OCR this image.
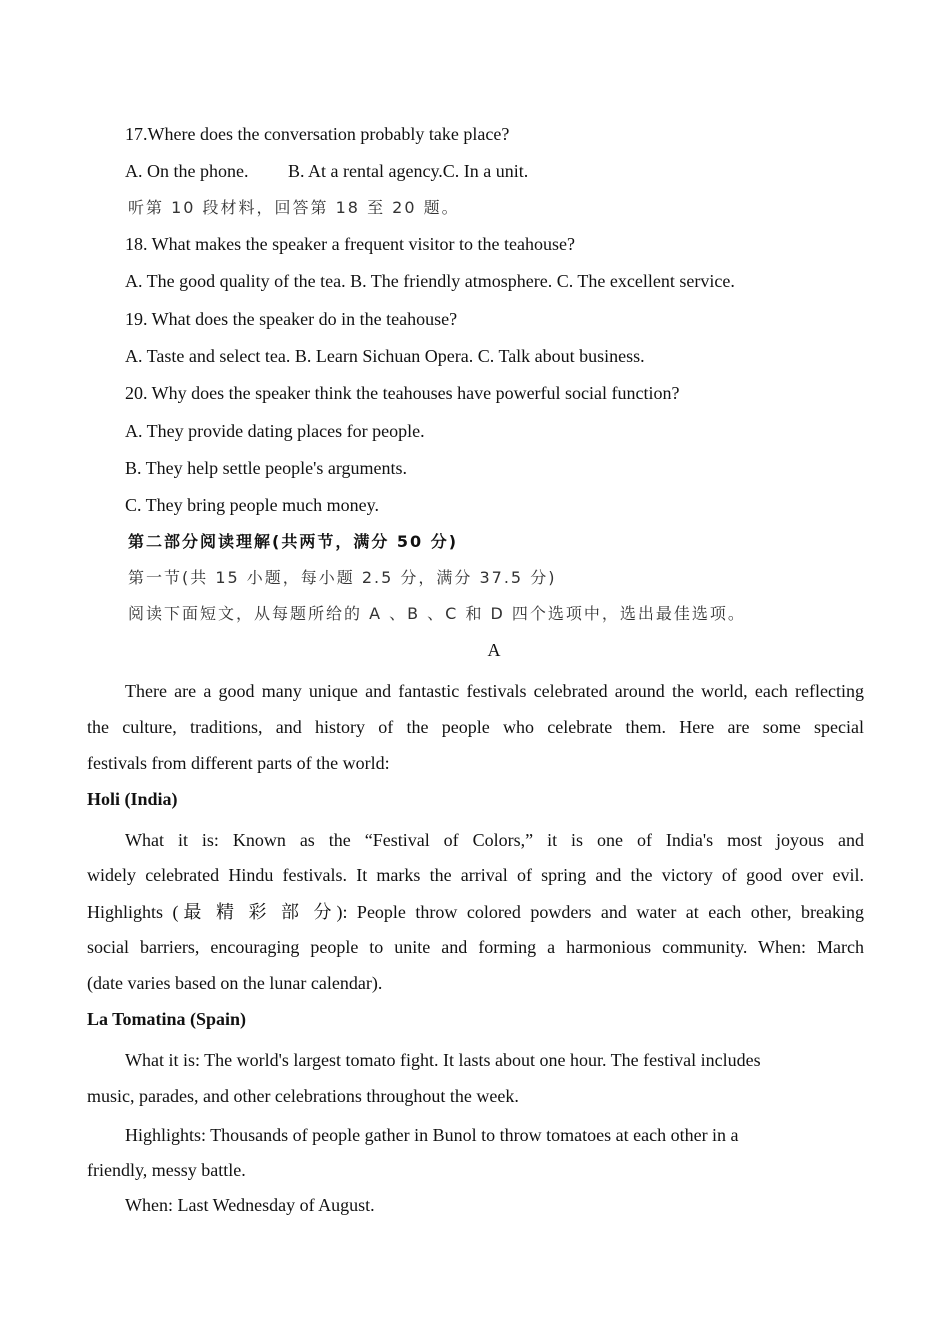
17.Where does the conversation probably take place?
A. On the phone.	B. At a rental agency.C. In a unit.
听第 10 段材料，回答第 18 至 20 题。
18. What makes the speaker a frequent visitor to the teahouse?
A. The good quality of the tea. B. The friendly atmosphere. C. The excellent service.
19. What does the speaker do in the teahouse?
A. Taste and select tea. B. Learn Sichuan Opera. C. Talk about business.
20. Why does the speaker think the teahouses have powerful social function?
A. They provide dating places for people.
B. They help settle people's arguments.
C. They bring people much money.
第二部分阅读理解(共两节，满分 50 分)
第一节(共 15 小题，每小题 2.5 分，满分 37.5 分)
阅读下面短文，从每题所给的 A 、B 、C 和 D 四个选项中，选出最佳选项。
A
There are a good many unique and fantastic festivals celebrated around the world, each reflecting
the culture, traditions, and history of the people who celebrate them. Here are some special
festivals from different parts of the world:
Holi (India)
What it is: Known as the “Festival of Colors,” it is one of India's most joyous and
widely celebrated Hindu festivals. It marks the arrival of spring and the victory of good over evil.
Highlights (最 精 彩 部 分): People throw colored powders and water at each other, breaking
social barriers, encouraging people to unite and forming a harmonious community. When: March
(date varies based on the lunar calendar).
La Tomatina (Spain)
What it is: The world's largest tomato fight. It lasts about one hour. The festival includes
music, parades, and other celebrations throughout the week.
Highlights: Thousands of people gather in Bunol to throw tomatoes at each other in a
friendly, messy battle.
When: Last Wednesday of August.
